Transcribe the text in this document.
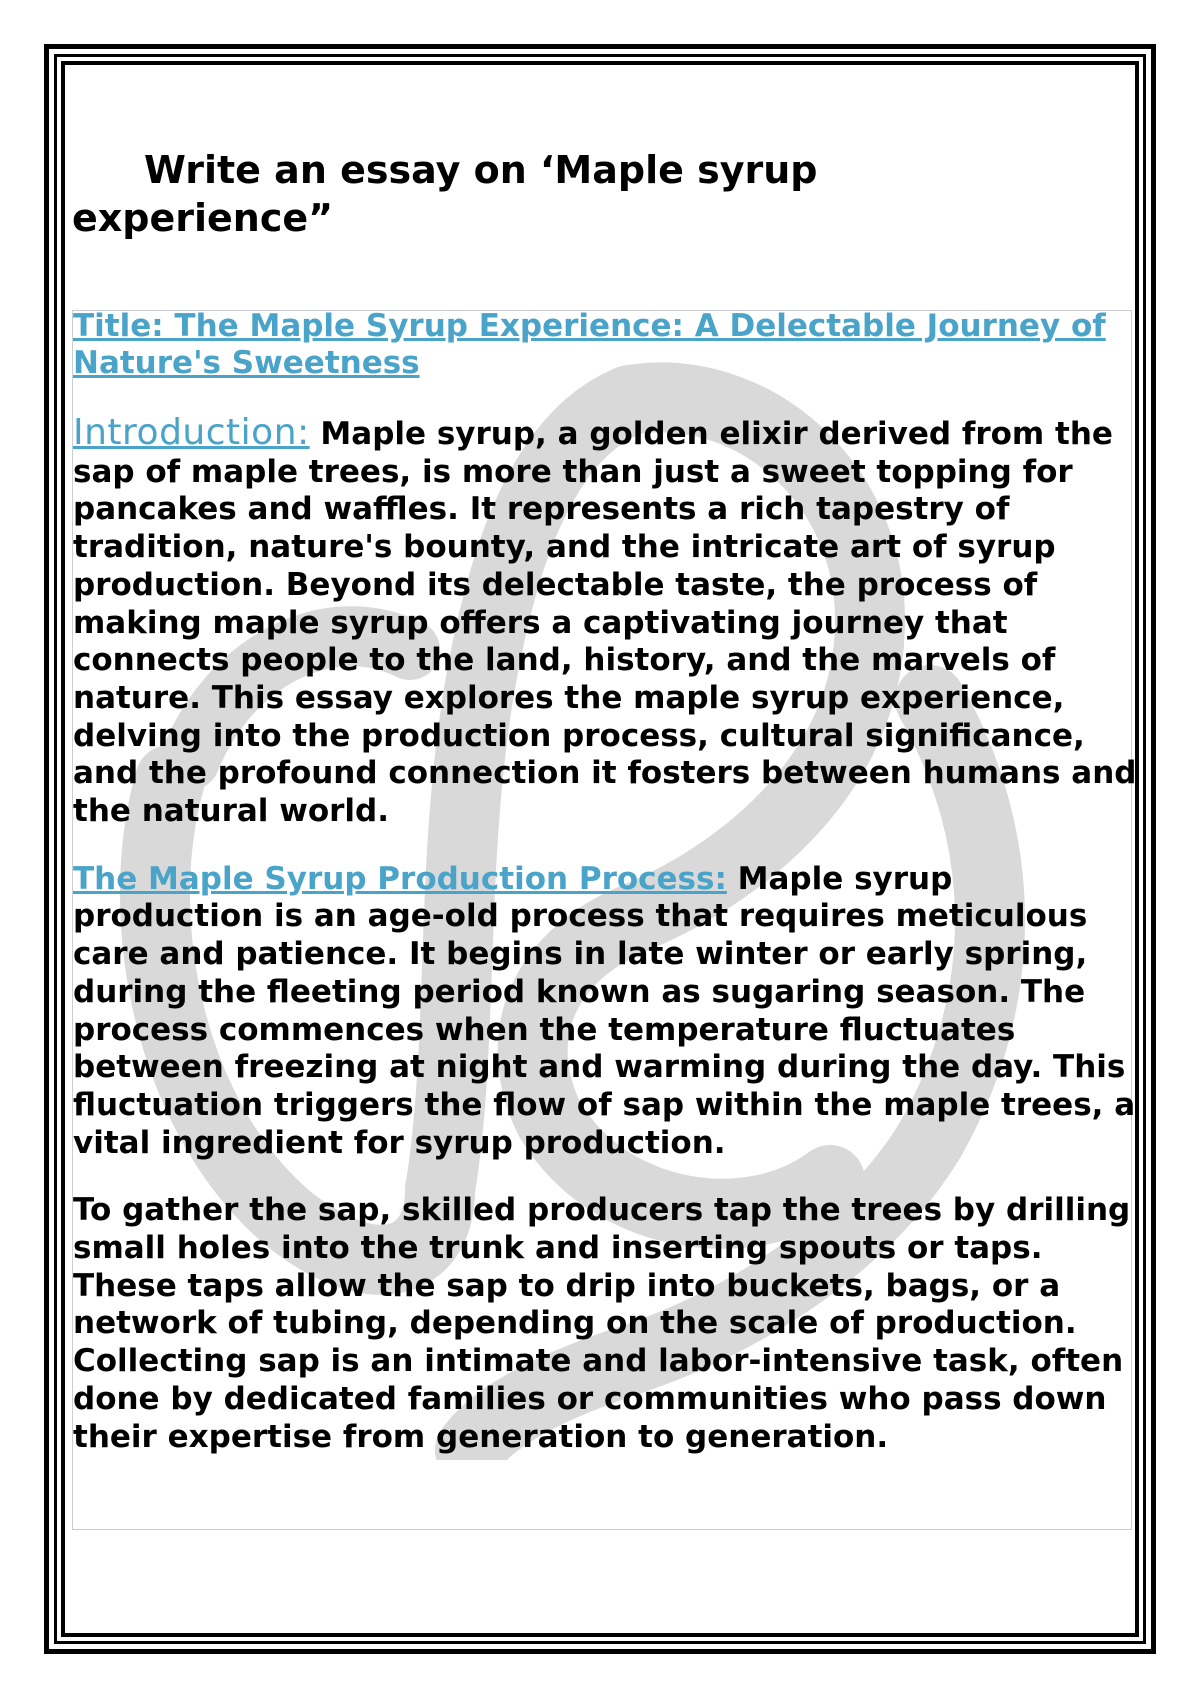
Write an essay on ‘Maple syrup
experience”

Title: The Maple Syrup Experience: A Delectable Journey of Nature's Sweetness

Introduction: Maple syrup, a golden elixir derived from the sap of maple trees, is more than just a sweet topping for pancakes and waffles. It represents a rich tapestry of tradition, nature's bounty, and the intricate art of syrup production. Beyond its delectable taste, the process of making maple syrup offers a captivating journey that connects people to the land, history, and the marvels of nature. This essay explores the maple syrup experience, delving into the production process, cultural significance, and the profound connection it fosters between humans and the natural world.

The Maple Syrup Production Process: Maple syrup production is an age-old process that requires meticulous care and patience. It begins in late winter or early spring, during the fleeting period known as sugaring season. The process commences when the temperature fluctuates between freezing at night and warming during the day. This fluctuation triggers the flow of sap within the maple trees, a vital ingredient for syrup production.

To gather the sap, skilled producers tap the trees by drilling small holes into the trunk and inserting spouts or taps. These taps allow the sap to drip into buckets, bags, or a network of tubing, depending on the scale of production. Collecting sap is an intimate and labor-intensive task, often done by dedicated families or communities who pass down their expertise from generation to generation.
